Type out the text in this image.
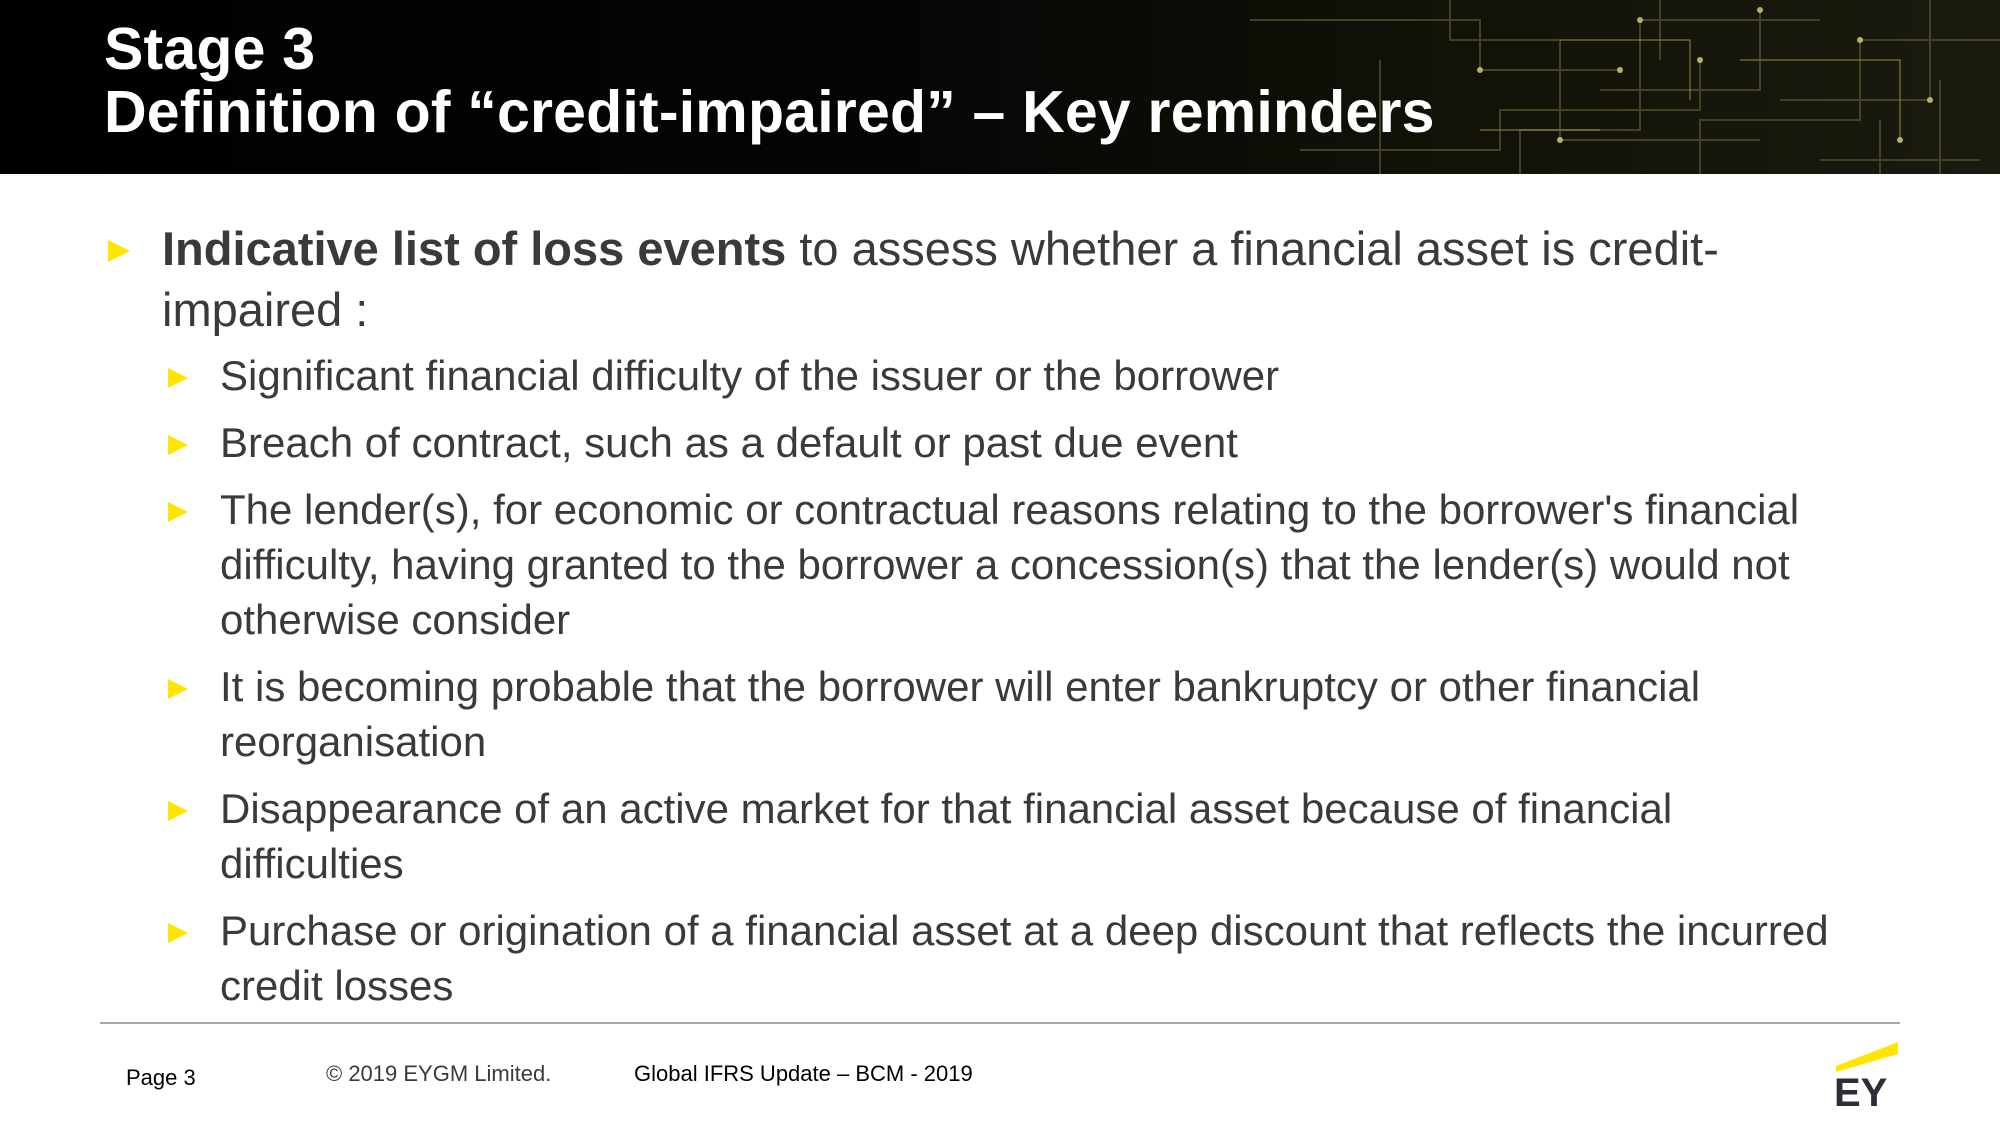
Stage 3
Definition of “credit-impaired” – Key reminders
Indicative list of loss events to assess whether a financial asset is credit-impaired :
Significant financial difficulty of the issuer or the borrower
Breach of contract, such as a default or past due event
The lender(s), for economic or contractual reasons relating to the borrower's financial difficulty, having granted to the borrower a concession(s) that the lender(s) would not otherwise consider
It is becoming probable that the borrower will enter bankruptcy or other financial reorganisation
Disappearance of an active market for that financial asset because of financial difficulties
Purchase or origination of a financial asset at a deep discount that reflects the incurred credit losses
Page 3	© 2019 EYGM Limited.	Global IFRS Update – BCM - 2019	EY
